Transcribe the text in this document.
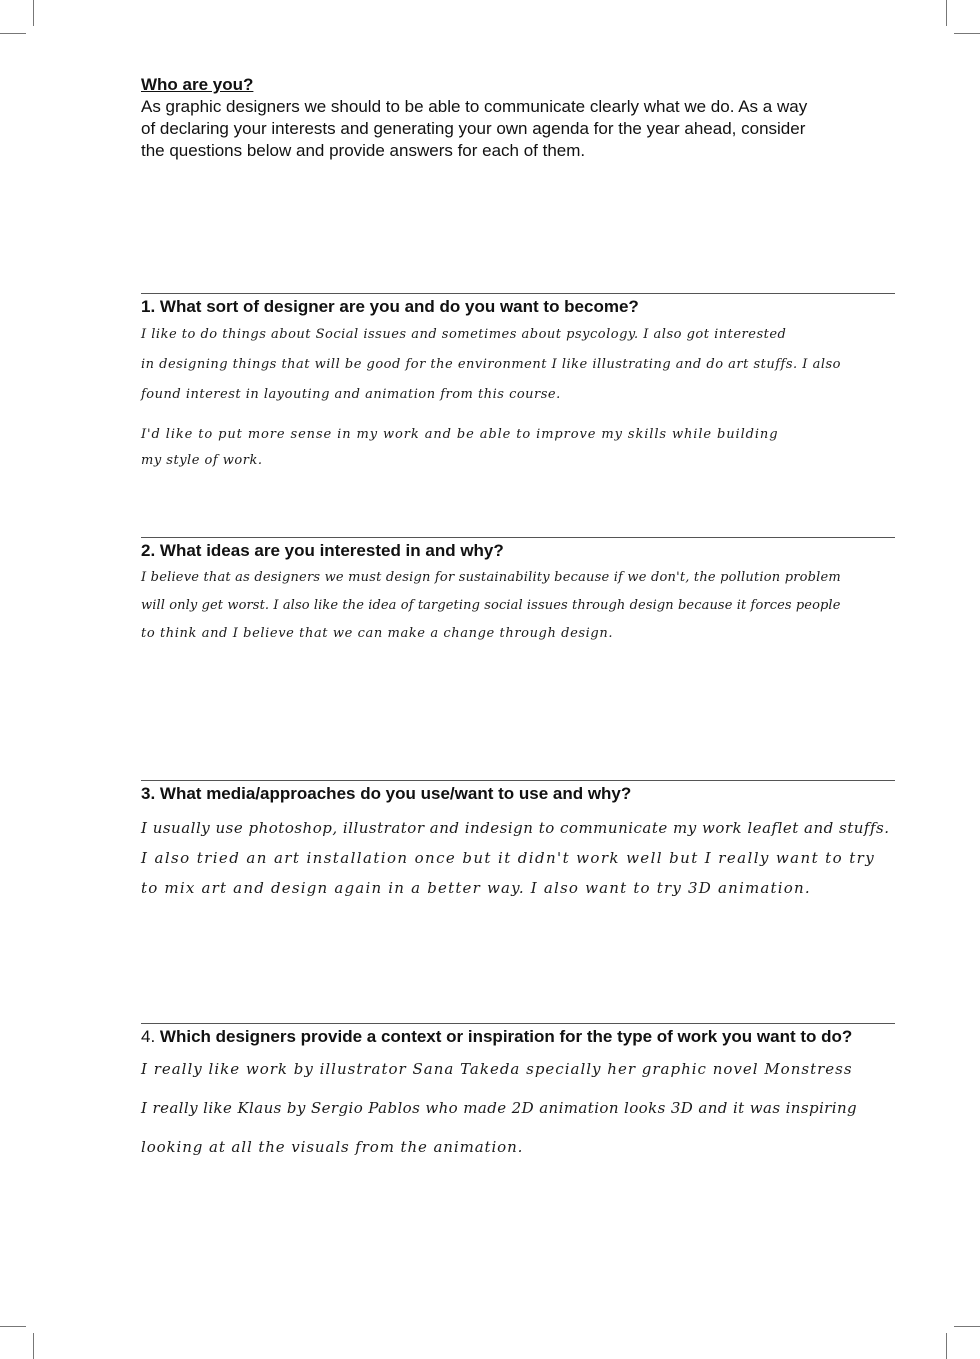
Who are you?

As graphic designers we should to be able to communicate clearly what we do. As a way
of declaring your interests and generating your own agenda for the year ahead, consider
the questions below and provide answers for each of them.

1. What sort of designer are you and do you want to become?
I like to do things about Social issues and sometimes about psycology. I also got interested
in designing things that will be good for the environment I like illustrating and do art stuffs. I also
found interest in layouting and animation from this course.
I'd like to put more sense in my work and be able to improve my skills while building
my style of work.
2. What ideas are you interested in and why?
I believe that as designers we must design for sustainability because if we don't, the pollution problem
will only get worst. I also like the idea of targeting social issues through design because it forces people
to think and I believe that we can make a change through design.
3. What media/approaches do you use/want to use and why?
I usually use photoshop, illustrator and indesign to communicate my work leaflet and stuffs.
I also tried an art installation once but it didn't work well but I really want to try
to mix art and design again in a better way. I also want to try 3D animation.
4. Which designers provide a context or inspiration for the type of work you want to do?
I really like work by illustrator Sana Takeda specially her graphic novel Monstress
I really like Klaus by Sergio Pablos who made 2D animation looks 3D and it was inspiring
looking at all the visuals from the animation.
